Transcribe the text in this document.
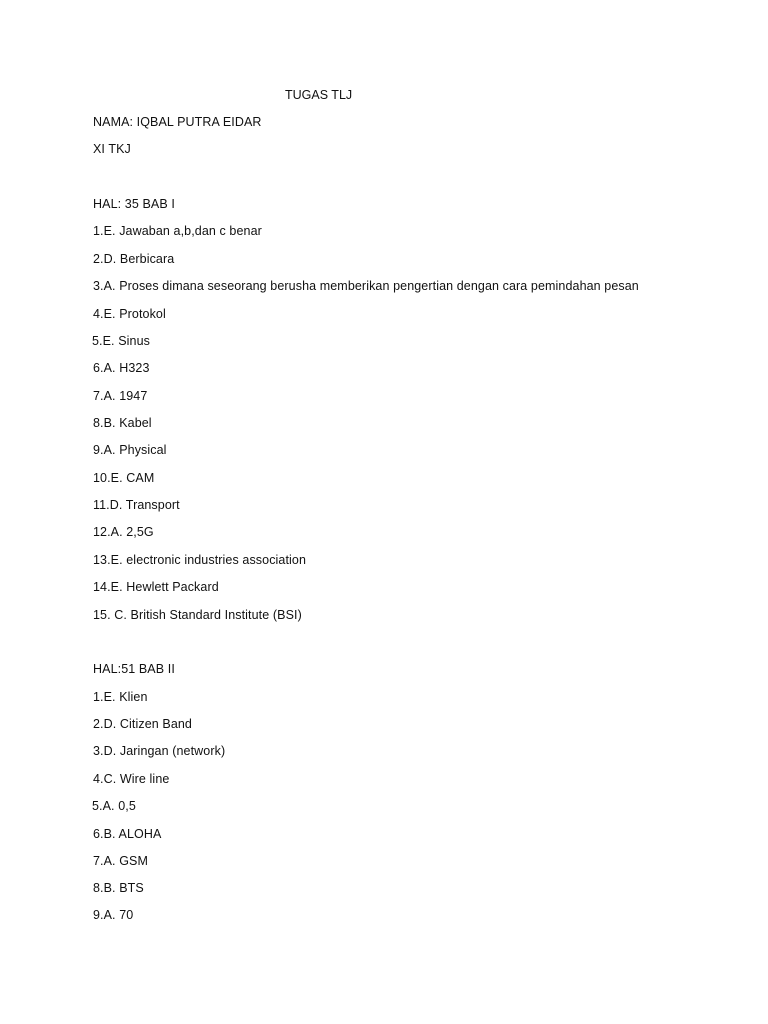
TUGAS TLJ
NAMA: IQBAL PUTRA EIDAR
XI TKJ
HAL: 35 BAB I
1.E. Jawaban a,b,dan c benar
2.D. Berbicara
3.A. Proses dimana seseorang berusha memberikan pengertian dengan cara pemindahan pesan
4.E. Protokol
5.E. Sinus
6.A. H323
7.A. 1947
8.B. Kabel
9.A. Physical
10.E. CAM
11.D. Transport
12.A. 2,5G
13.E. electronic industries association
14.E. Hewlett Packard
15. C. British Standard Institute (BSI)
HAL:51 BAB II
1.E. Klien
2.D. Citizen Band
3.D. Jaringan (network)
4.C. Wire line
5.A. 0,5
6.B. ALOHA
7.A. GSM
8.B. BTS
9.A. 70
